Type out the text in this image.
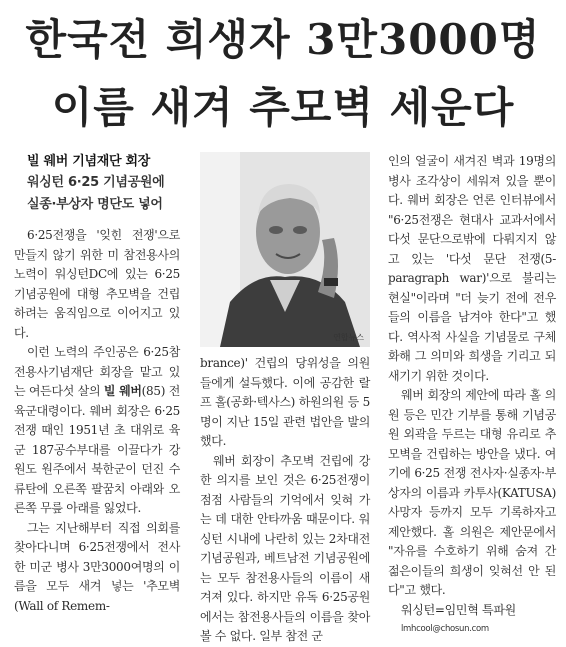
한국전 희생자 3만3000명
이름 새겨 추모벽 세운다

빌 웨버 기념재단 회장

워싱턴 6·25 기념공원에

실종·부상자 명단도 넣어

6·25전쟁을 '잊힌 전쟁'으로 만들지 않기 위한 미 참전용사의 노력이 워싱턴DC에 있는 6·25 기념공원에 대형 추모벽을 건립하려는 움직임으로 이어지고 있다.

이런 노력의 주인공은 6·25참전용사기념재단 회장을 맡고 있는 여든다섯 살의 빌 웨버(85) 전 육군대령이다. 웨버 회장은 6·25전쟁 때인 1951년 초 대위로 육군 187공수부대를 이끌다가 강원도 원주에서 북한군이 던진 수류탄에 오른쪽 팔꿈치 아래와 오른쪽 무릎 아래를 잃었다.

그는 지난해부터 직접 의회를 찾아다니며 6·25전쟁에서 전사한 미군 병사 3만3000여명의 이름을 모두 새겨 넣는 '추모벽(Wall of Remem-

연합뉴스

brance)' 건립의 당위성을 의원들에게 설득했다. 이에 공감한 랄프 홀(공화·텍사스) 하원의원 등 5명이 지난 15일 관련 법안을 발의했다.

웨버 회장이 추모벽 건립에 강한 의지를 보인 것은 6·25전쟁이 점점 사람들의 기억에서 잊혀 가는 데 대한 안타까움 때문이다. 워싱턴 시내에 나란히 있는 2차대전 기념공원과, 베트남전 기념공원에는 모두 참전용사들의 이름이 새겨져 있다. 하지만 유독 6·25공원에서는 참전용사들의 이름을 찾아볼 수 없다. 일부 참전 군

인의 얼굴이 새겨진 벽과 19명의 병사 조각상이 세워져 있을 뿐이다. 웨버 회장은 언론 인터뷰에서 "6·25전쟁은 현대사 교과서에서 다섯 문단으로밖에 다뤄지지 않고 있는 '다섯 문단 전쟁(5-paragraph war)'으로 불리는 현실"이라며 "더 늦기 전에 전우들의 이름을 남겨야 한다"고 했다. 역사적 사실을 기념물로 구체화해 그 의미와 희생을 기리고 되새기기 위한 것이다.

웨버 회장의 제안에 따라 홀 의원 등은 민간 기부를 통해 기념공원 외곽을 두르는 대형 유리로 추모벽을 건립하는 방안을 냈다. 여기에 6·25 전쟁 전사자·실종자·부상자의 이름과 카투사(KATUSA) 사망자 등까지 모두 기록하자고 제안했다. 홀 의원은 제안문에서 "자유를 수호하기 위해 숨져 간 젊은이들의 희생이 잊혀선 안 된다"고 했다.

워싱턴=임민혁 특파원

lmhcool@chosun.com
